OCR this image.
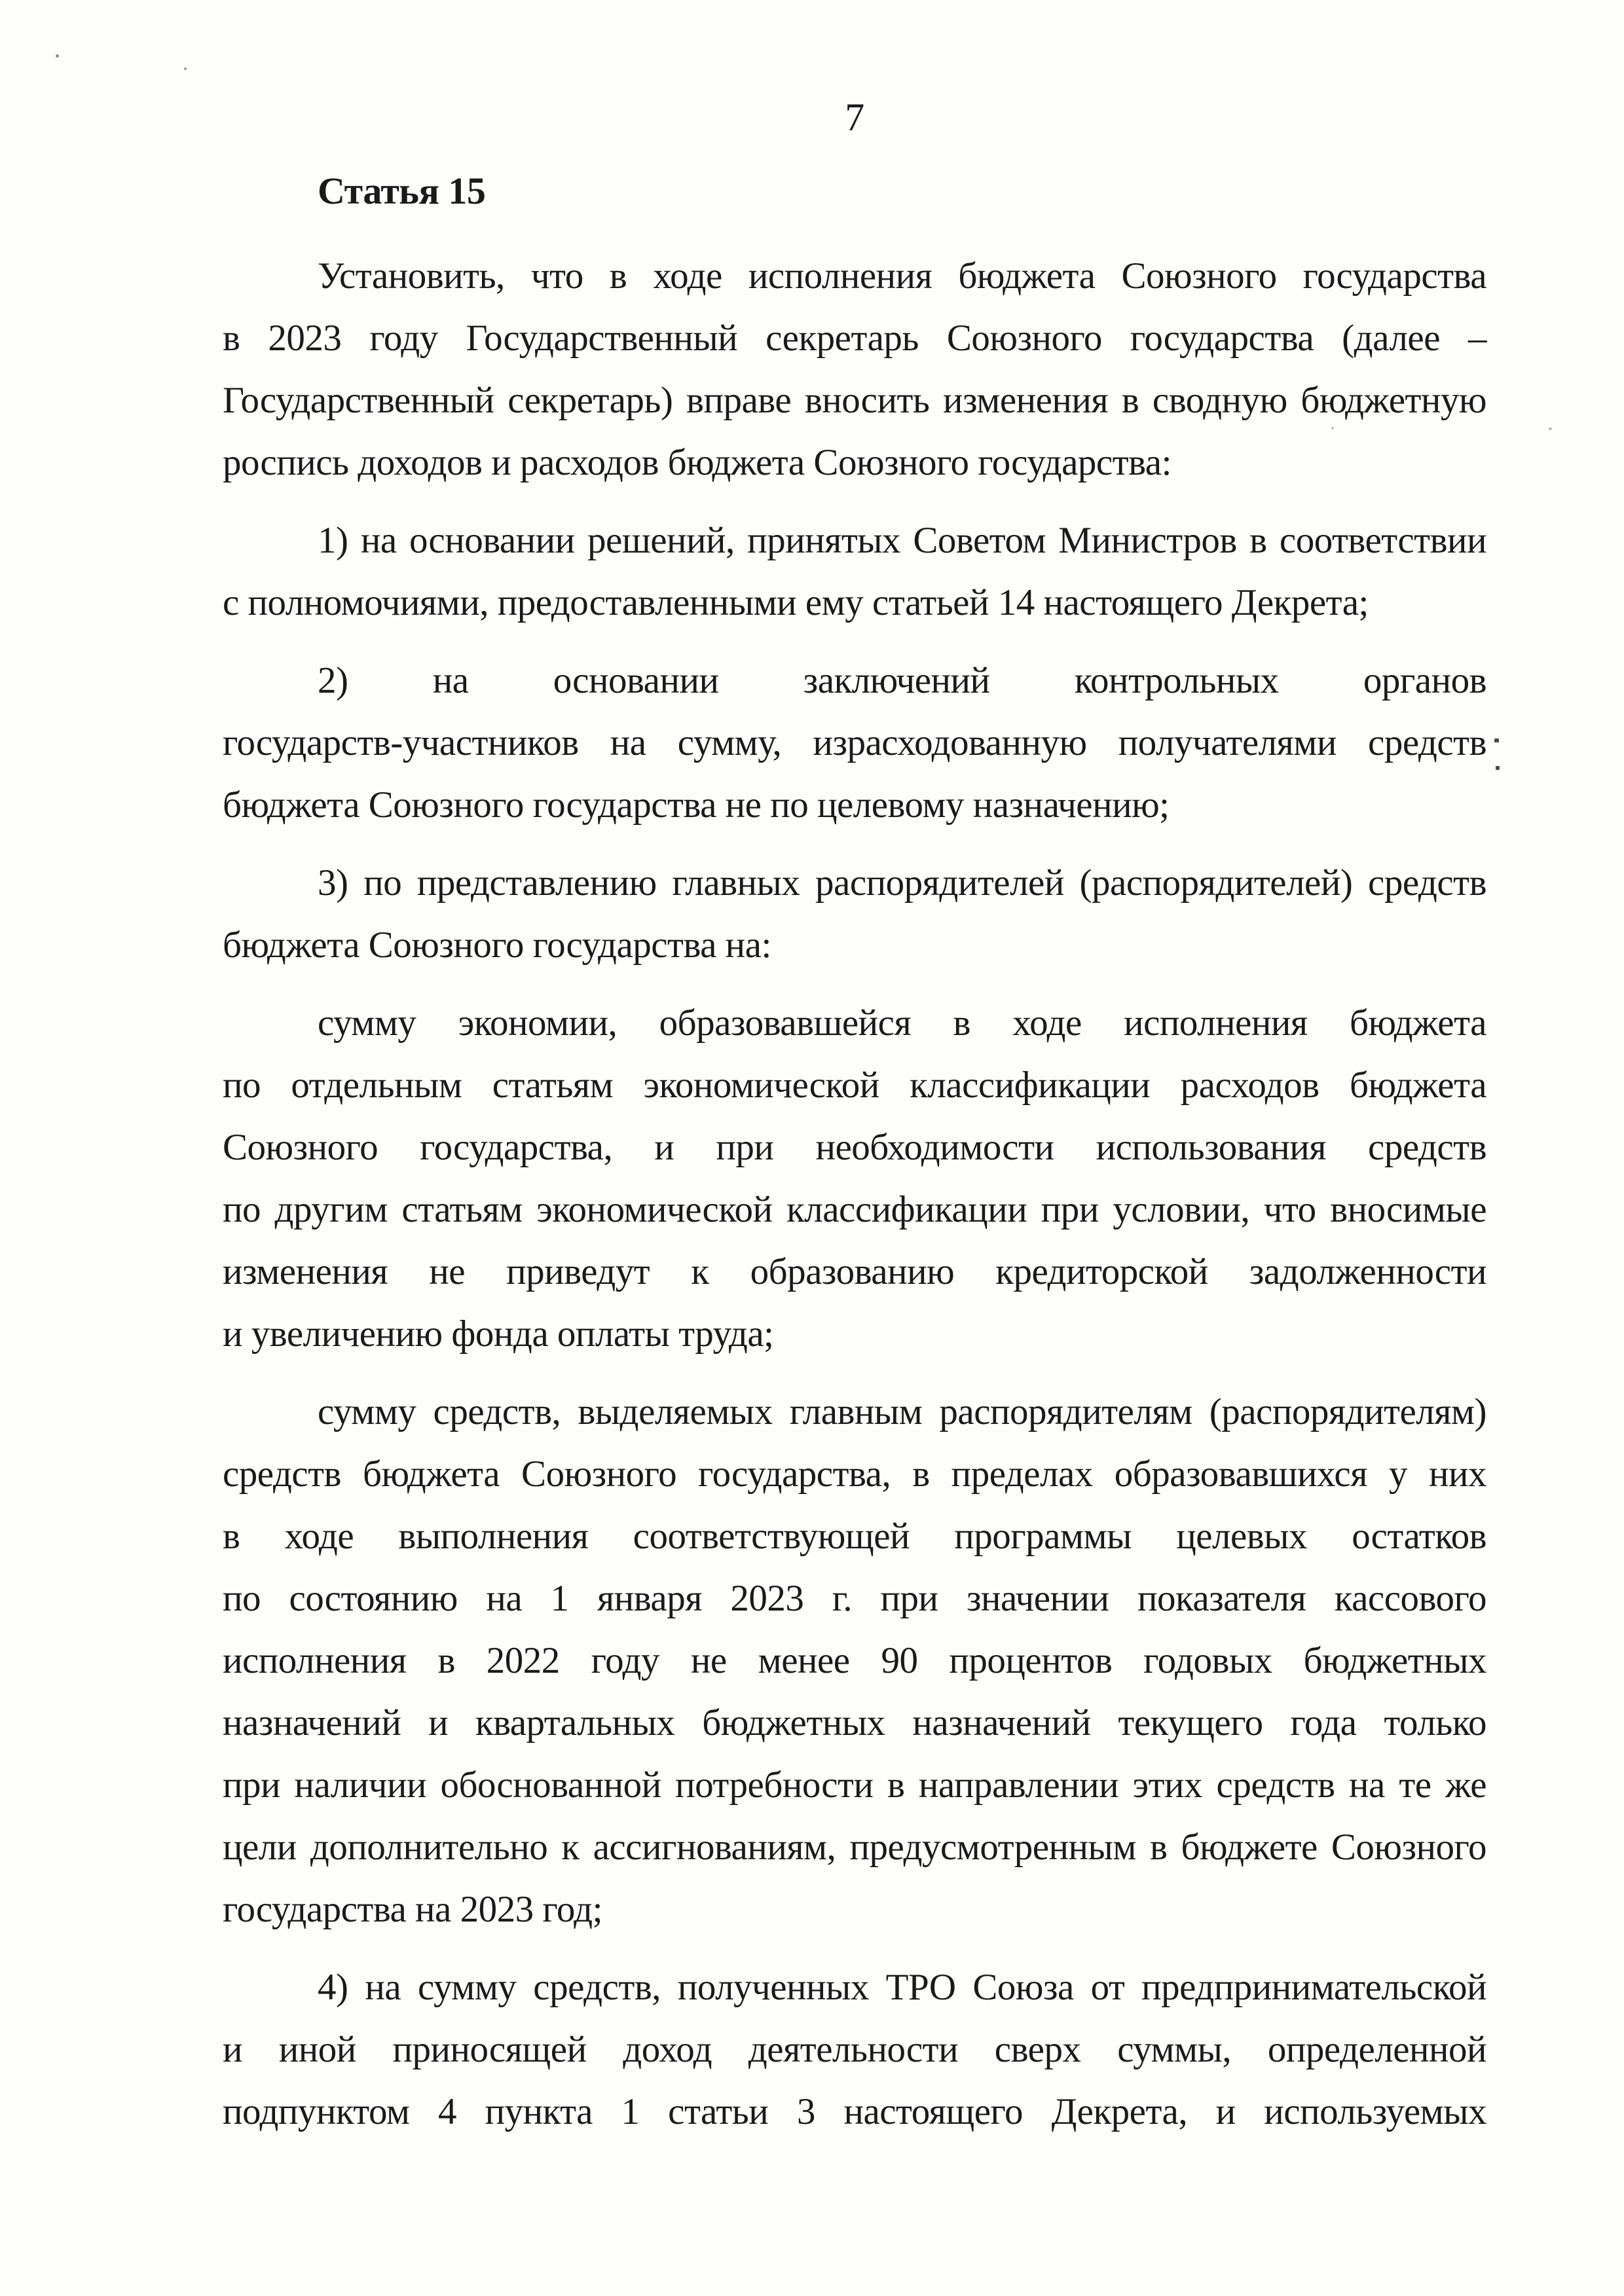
7
Статья 15
Установить, что в ходе исполнения бюджета Союзного государства
в 2023 году Государственный секретарь Союзного государства (далее –
Государственный секретарь) вправе вносить изменения в сводную бюджетную
роспись доходов и расходов бюджета Союзного государства:
1) на основании решений, принятых Советом Министров в соответствии
с полномочиями, предоставленными ему статьей 14 настоящего Декрета;
2) на основании заключений контрольных органов
государств-участников на сумму, израсходованную получателями средств
бюджета Союзного государства не по целевому назначению;
3) по представлению главных распорядителей (распорядителей) средств
бюджета Союзного государства на:
сумму экономии, образовавшейся в ходе исполнения бюджета
по отдельным статьям экономической классификации расходов бюджета
Союзного государства, и при необходимости использования средств
по другим статьям экономической классификации при условии, что вносимые
изменения не приведут к образованию кредиторской задолженности
и увеличению фонда оплаты труда;
сумму средств, выделяемых главным распорядителям (распорядителям)
средств бюджета Союзного государства, в пределах образовавшихся у них
в ходе выполнения соответствующей программы целевых остатков
по состоянию на 1 января 2023 г. при значении показателя кассового
исполнения в 2022 году не менее 90 процентов годовых бюджетных
назначений и квартальных бюджетных назначений текущего года только
при наличии обоснованной потребности в направлении этих средств на те же
цели дополнительно к ассигнованиям, предусмотренным в бюджете Союзного
государства на 2023 год;
4) на сумму средств, полученных ТРО Союза от предпринимательской
и иной приносящей доход деятельности сверх суммы, определенной
подпунктом 4 пункта 1 статьи 3 настоящего Декрета, и используемых
